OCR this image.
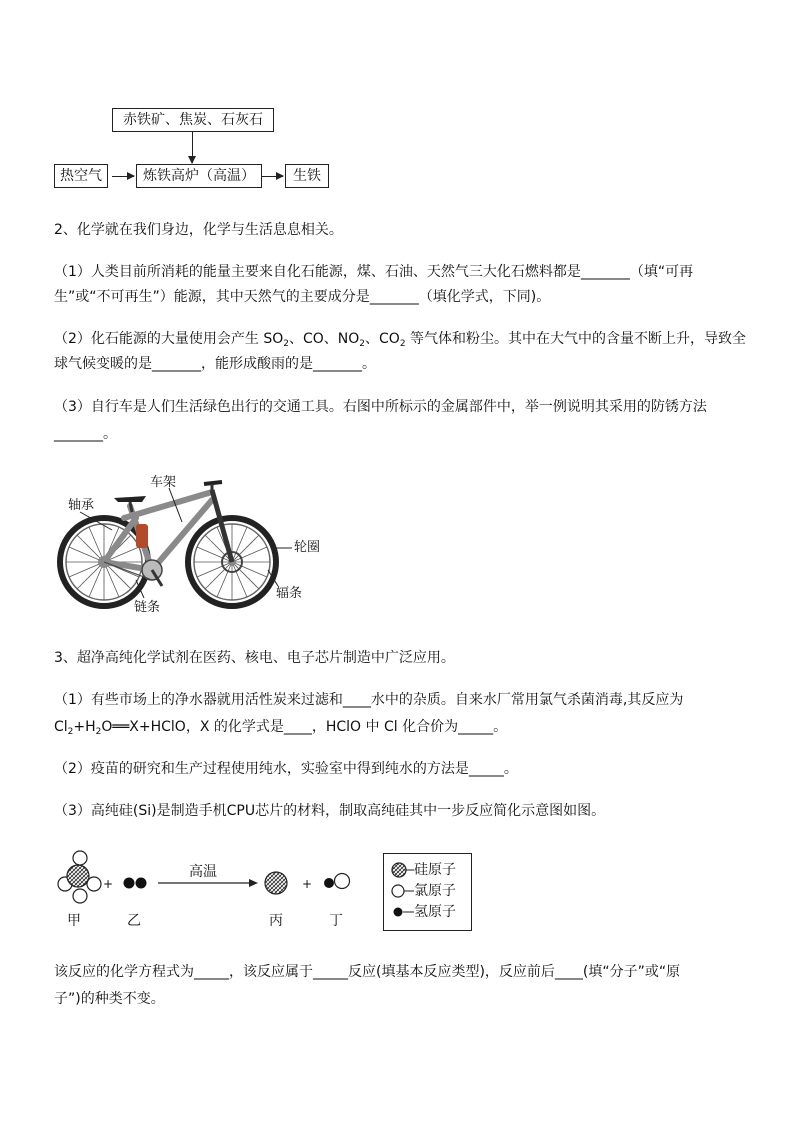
赤铁矿、焦炭、石灰石
热空气	炼铁高炉（高温）	生铁
2、化学就在我们身边，化学与生活息息相关。
（1）人类目前所消耗的能量主要来自化石能源，煤、石油、天然气三大化石燃料都是_______（填“可再
生”或“不可再生”）能源，其中天然气的主要成分是_______（填化学式，下同)。
（2）化石能源的大量使用会产生 $SO_2$、CO、$NO_2$、$CO_2$ 等气体和粉尘。其中在大气中的含量不断上升，导致全
球气候变暖的是_______，能形成酸雨的是_______。
（3）自行车是人们生活绿色出行的交通工具。右图中所标示的金属部件中，举一例说明其采用的防锈方法
_______。
车架
轴承
轮圈
辐条
链条
3、超净高纯化学试剂在医药、核电、电子芯片制造中广泛应用。
（1）有些市场上的净水器就用活性炭来过滤和____水中的杂质。自来水厂常用氯气杀菌消毒,其反应为
$Cl_2+H_2O══X+HClO$，X 的化学式是____，HClO 中 Cl 化合价为_____。
（2）疫苗的研究和生产过程使用纯水，实验室中得到纯水的方法是_____。
（3）高纯硅(Si)是制造手机CPU芯片的材料，制取高纯硅其中一步反应简化示意图如图。
+	+
高温
甲	乙	丙	丁
硅原子
氯原子
氢原子
该反应的化学方程式为_____，该反应属于_____反应(填基本反应类型)，反应前后____(填“分子”或“原
子”)的种类不变。
